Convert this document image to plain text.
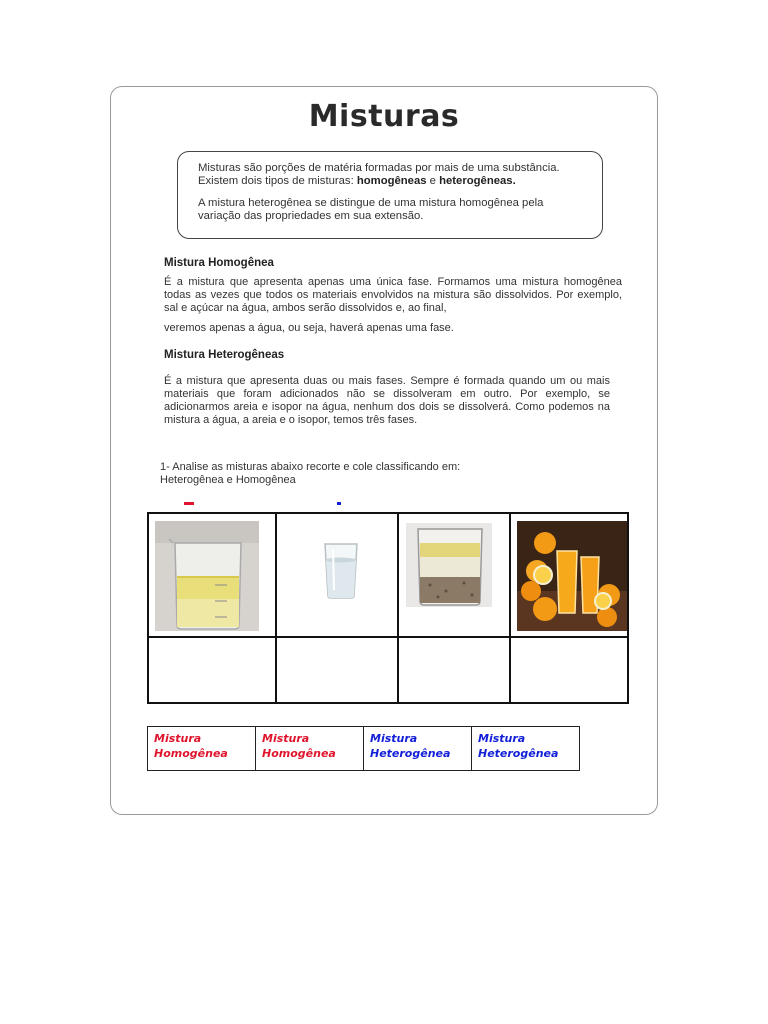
Misturas

Misturas são porções de matéria formadas por mais de uma substância. Existem dois tipos de misturas: homogêneas e heterogêneas.

A mistura heterogênea se distingue de uma mistura homogênea pela variação das propriedades em sua extensão.

Mistura Homogênea
É a mistura que apresenta apenas uma única fase. Formamos uma mistura homogênea todas as vezes que todos os materiais envolvidos na mistura são dissolvidos. Por exemplo, sal e açúcar na água, ambos serão dissolvidos e, ao final,
veremos apenas a água, ou seja, haverá apenas uma fase.
Mistura Heterogêneas
É a mistura que apresenta duas ou mais fases. Sempre é formada quando um ou mais materiais que foram adicionados não se dissolveram em outro. Por exemplo, se adicionarmos areia e isopor na água, nenhum dos dois se dissolverá. Como podemos na mistura a água, a areia e o isopor, temos três fases.
1- Analise as misturas abaixo recorte e cole classificando em:
Heterogênea e Homogênea

Mistura
Homogênea

Mistura
Homogênea

Mistura
Heterogênea

Mistura
Heterogênea
